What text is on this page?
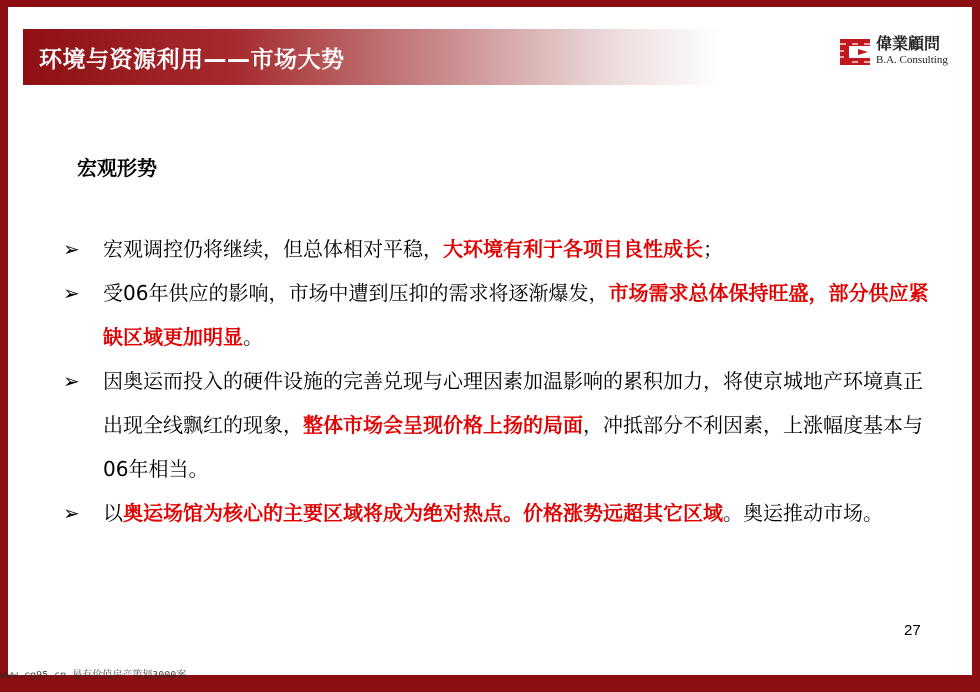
环境与资源利用——市场大势
偉業顧問
B.A. Consulting
宏观形势
➢ 宏观调控仍将继续，但总体相对平稳，大环境有利于各项目良性成长；
➢ 受06年供应的影响，市场中遭到压抑的需求将逐渐爆发，市场需求总体保持旺盛，部分供应紧缺区域更加明显。
➢ 因奥运而投入的硬件设施的完善兑现与心理因素加温影响的累积加力，将使京城地产环境真正出现全线飘红的现象，整体市场会呈现价格上扬的局面，冲抵部分不利因素，上涨幅度基本与06年相当。
➢ 以奥运场馆为核心的主要区域将成为绝对热点。价格涨势远超其它区域。奥运推动市场。
27
www.cg95.cn 最有价值房产策划3000案
